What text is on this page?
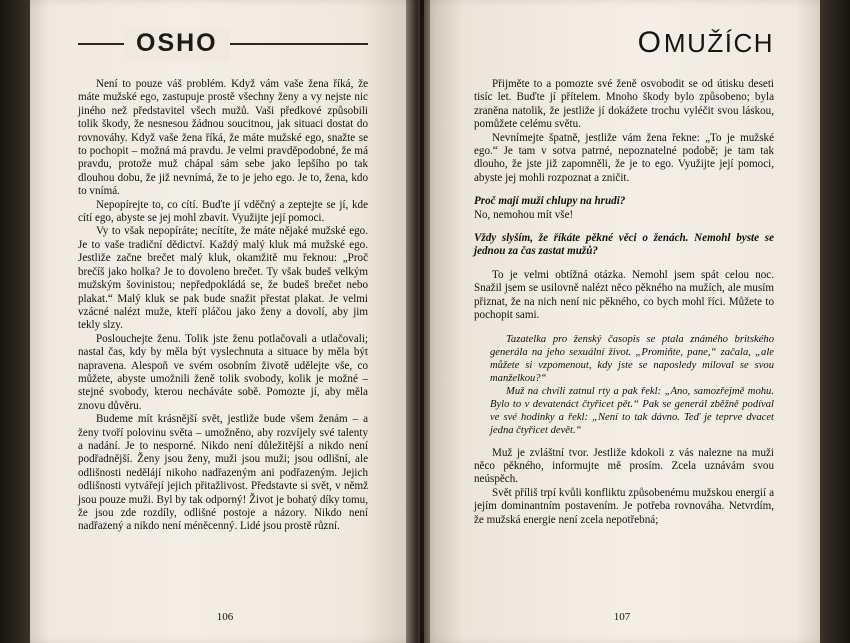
OSHO

Není to pouze váš problém. Když vám vaše žena říká, že máte mužské ego, zastupuje prostě všechny ženy a vy nejste nic jiného než představitel všech mužů. Vaši předkové způsobili tolik škody, že nesnesou žádnou soucitnou, jak situaci dostat do rovnováhy. Když vaše žena říká, že máte mužské ego, snažte se to pochopit – možná má pravdu. Je velmi pravděpodobné, že má pravdu, protože muž chápal sám sebe jako lepšího po tak dlouhou dobu, že již nevnímá, že to je jeho ego. Je to, žena, kdo to vnímá.

Nepopírejte to, co cítí. Buďte jí vděčný a zeptejte se jí, kde cítí ego, abyste se jej mohl zbavit. Využijte její pomoci.

Vy to však nepopíráte; necítíte, že máte nějaké mužské ego. Je to vaše tradiční dědictví. Každý malý kluk má mužské ego. Jestliže začne brečet malý kluk, okamžitě mu řeknou: „Proč brečíš jako holka? Je to dovoleno brečet. Ty však budeš velkým mužským šovinistou; nepředpokládá se, že budeš brečet nebo plakat.“ Malý kluk se pak bude snažit přestat plakat. Je velmi vzácné nalézt muže, kteří pláčou jako ženy a dovolí, aby jim tekly slzy.

Poslouchejte ženu. Tolik jste ženu potlačovali a utlačovali; nastal čas, kdy by měla být vyslechnuta a situace by měla být napravena. Alespoň ve svém osobním životě udělejte vše, co můžete, abyste umožnili ženě tolik svobody, kolik je možné – stejné svobody, kterou necháváte sobě. Pomozte jí, aby měla znovu důvěru.

Budeme mít krásnější svět, jestliže bude všem ženám – a ženy tvoří polovinu světa – umožněno, aby rozvíjely své talenty a nadání. Je to nesporné. Nikdo není důležitější a nikdo není podřadnější. Ženy jsou ženy, muži jsou muži; jsou odlišní, ale odlišnosti nedělájí nikoho nadřazeným ani podřazeným. Jejich odlišnosti vytvářejí jejich přitažlivost. Představte si svět, v němž jsou pouze muži. Byl by tak odporný! Život je bohatý díky tomu, že jsou zde rozdíly, odlišné postoje a názory. Nikdo není nadřazený a nikdo není méněcenný. Lidé jsou prostě různí.

106
OMUŽÍCH

Přijměte to a pomozte své ženě osvobodit se od útisku deseti tisíc let. Buďte jí přítelem. Mnoho škody bylo způsobeno; byla zraněna natolik, že jestliže jí dokážete trochu vyléčit svou láskou, pomůžete celému světu.

Nevnímejte špatně, jestliže vám žena řekne: „To je mužské ego.“ Je tam v sotva patrné, nepoznatelné podobě; je tam tak dlouho, že jste již zapomněli, že je to ego. Využijte její pomoci, abyste jej mohli rozpoznat a zničit.

Proč mají muži chlupy na hrudi?

No, nemohou mít vše!

Vždy slyším, že říkáte pěkné věci o ženách. Nemohl byste se jednou za čas zastat mužů?

To je velmi obtížná otázka. Nemohl jsem spát celou noc. Snažil jsem se usilovně nalézt něco pěkného na mužích, ale musím přiznat, že na nich není nic pěkného, co bych mohl říci. Můžete to pochopit sami.

Tazatelka pro ženský časopis se ptala známého britského generála na jeho sexuální život. „Promiňte, pane,“ začala, „ale můžete si vzpomenout, kdy jste se naposledy miloval se svou manželkou?“

Muž na chvíli zatnul rty a pak řekl: „Ano, samozřejmě mohu. Bylo to v devatenáct čtyřicet pět.“ Pak se generál zběžně podíval ve své hodinky a řekl: „Není to tak dávno. Teď je teprve dvacet jedna čtyřicet devět.“

Muž je zvláštní tvor. Jestliže kdokoli z vás nalezne na muži něco pěkného, informujte mě prosím. Zcela uznávám svou neúspěch.

Svět příliš trpí kvůli konfliktu způsobenému mužskou energií a jejím dominantním postavením. Je potřeba rovnováha. Netvrdím, že mužská energie není zcela nepotřebná;

107
